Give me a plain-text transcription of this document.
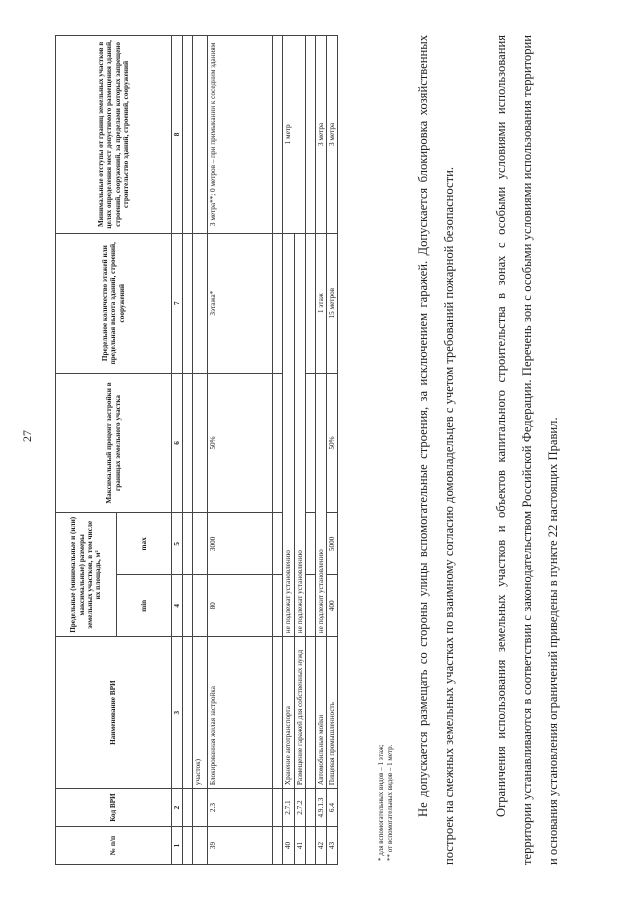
27
№ п/п	Код ВРИ	Наименование ВРИ	Предельные (минимальные и (или) максимальные) размеры земельных участков, в том числе их площадь, м²		Максимальный процент застройки в границах земельного участка	Предельное количество этажей или предельная высота зданий, строений, сооружений	Минимальные отступы от границ земельных участков в целях определения мест допустимого размещения зданий, строений, сооружений, за пределами которых запрещено строительство зданий, строений, сооружений
			min	max			
1	2	3	4	5	6	7	8

		участок)					
39	2.3	Блокированная жилая застройка	80	3000	50%	3этажа*	3 метра**; 0 метров – при примыкании к соседним зданиям

40	2.7.1	Хранение автотранспорта	не подлежат установлению				1 метр
41	2.7.2	Размещение гаражей для собственных нужд	не подлежат установлению				

42	4.9.1.3	Автомобильные мойки	не подлежит установлению			1 этаж	3 метра
43	6.4	Пищевая промышленность	400	5000	50%	15 метров	3 метра
* для вспомогательных видов – 1 этаж; ** от вспомогательных видов – 1 метр.	Не допускается размещать со стороны улицы вспомогательные строения, за исключением гаражей. Допускается блокировка хозяйственных построек на смежных земельных участках по взаимному согласию домовладельцев с учетом требований пожарной безопасности.	Ограничения использования земельных участков и объектов капитального строительства в зонах с особыми условиями использования территории устанавливаются в соответствии с законодательством Российской Федерации. Перечень зон с особыми условиями использования территории и основания установления ограничений приведены в пункте 22 настоящих Правил.
